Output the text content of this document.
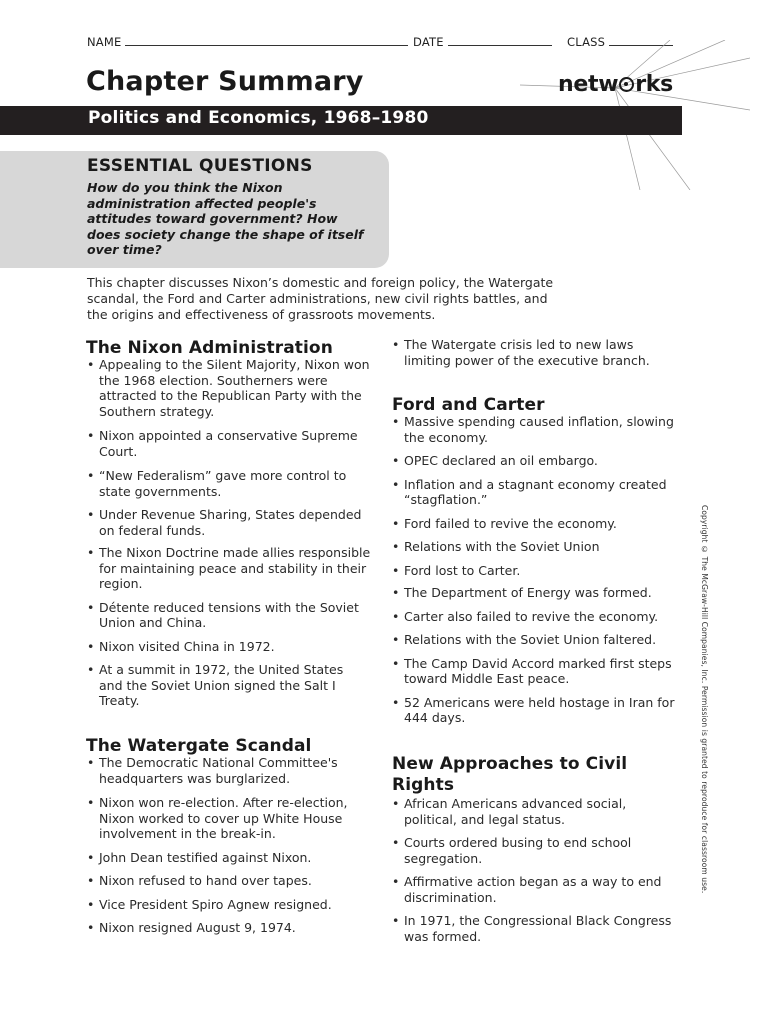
NAME	DATE	CLASS
Chapter Summary	netw rks
Politics and Economics, 1968–1980
ESSENTIAL QUESTIONS
How do you think the Nixon
administration affected people's
attitudes toward government? How
does society change the shape of itself
over time?
This chapter discusses Nixon’s domestic and foreign policy, the Watergate
scandal, the Ford and Carter administrations, new civil rights battles, and
the origins and effectiveness of grassroots movements.
The Nixon Administration
• Appealing to the Silent Majority, Nixon won
the 1968 election. Southerners were
attracted to the Republican Party with the
Southern strategy.
• Nixon appointed a conservative Supreme
Court.
• “New Federalism” gave more control to
state governments.
• Under Revenue Sharing, States depended
on federal funds.
• The Nixon Doctrine made allies responsible
for maintaining peace and stability in their
region.
• Détente reduced tensions with the Soviet
Union and China.
• Nixon visited China in 1972.
• At a summit in 1972, the United States
and the Soviet Union signed the Salt I
Treaty.
The Watergate Scandal
• The Democratic National Committee's
headquarters was burglarized.
• Nixon won re-election. After re-election,
Nixon worked to cover up White House
involvement in the break-in.
• John Dean testified against Nixon.
• Nixon refused to hand over tapes.
• Vice President Spiro Agnew resigned.
• Nixon resigned August 9, 1974.
• The Watergate crisis led to new laws
limiting power of the executive branch.
Ford and Carter
• Massive spending caused inflation, slowing
the economy.
• OPEC declared an oil embargo.
• Inflation and a stagnant economy created
“stagflation.”
• Ford failed to revive the economy.
• Relations with the Soviet Union
• Ford lost to Carter.
• The Department of Energy was formed.
• Carter also failed to revive the economy.
• Relations with the Soviet Union faltered.
• The Camp David Accord marked first steps
toward Middle East peace.
• 52 Americans were held hostage in Iran for
444 days.
New Approaches to Civil
Rights
• African Americans advanced social,
political, and legal status.
• Courts ordered busing to end school
segregation.
• Affirmative action began as a way to end
discrimination.
• In 1971, the Congressional Black Congress
was formed.
Copyright © The McGraw-Hill Companies, Inc. Permission is granted to reproduce for classroom use.
